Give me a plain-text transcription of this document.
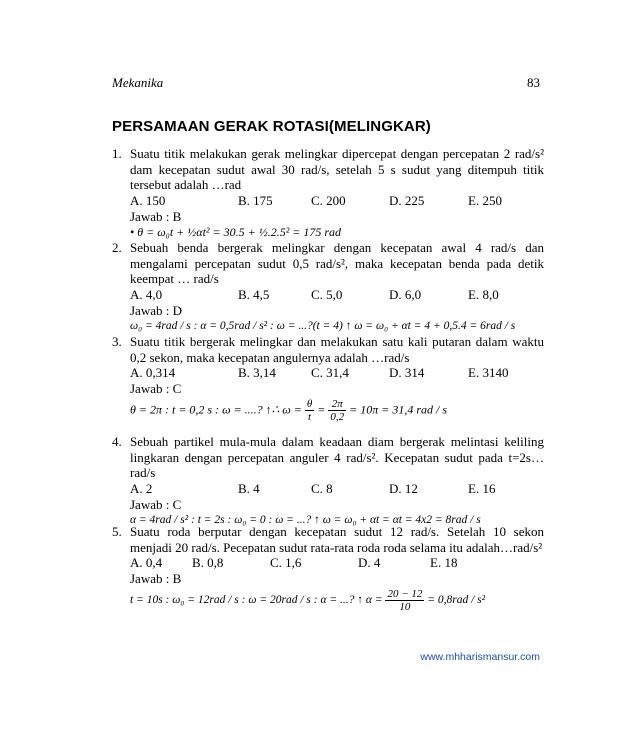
Mekanika	83
PERSAMAAN GERAK ROTASI(MELINGKAR)
1. Suatu titik melakukan gerak melingkar dipercepat dengan percepatan 2 rad/s² dam kecepatan sudut awal 30 rad/s, setelah 5 s sudut yang ditempuh titik tersebut adalah …rad
A. 150	B. 175	C. 200	D. 225	E. 250
Jawab : B
• θ = ω₀t + ½αt² = 30.5 + ½.2.5² = 175 rad
2. Sebuah benda bergerak melingkar dengan kecepatan awal 4 rad/s dan mengalami percepatan sudut 0,5 rad/s², maka kecepatan benda pada detik keempat … rad/s
A. 4,0	B. 4,5	C. 5,0	D. 6,0	E. 8,0
Jawab : D
ω₀ = 4rad / s : α = 0,5rad / s² : ω = ...?(t = 4) ↑ ω = ω₀ + αt = 4 + 0,5.4 = 6rad / s
3. Suatu titik bergerak melingkar dan melakukan satu kali putaran dalam waktu 0,2 sekon, maka kecepatan angulernya adalah …rad/s
A. 0,314	B. 3,14	C. 31,4	D. 314	E. 3140
Jawab : C
θ = 2π : t = 0,2 s : ω = ....? ↑∴ $\omega = \frac{\theta}{t} = \frac{2\pi}{0,2} = 10\pi = 31,4$ rad / s
4. Sebuah partikel mula-mula dalam keadaan diam bergerak melintasi keliling lingkaran dengan percepatan anguler 4 rad/s². Kecepatan sudut pada t=2s…rad/s
A. 2	B. 4	C. 8	D. 12	E. 16
Jawab : C
α = 4rad / s² : t = 2s : ω₀ = 0 : ω = ...? ↑ ω = ω₀ + αt = αt = 4x2 = 8rad / s
5. Suatu roda berputar dengan kecepatan sudut 12 rad/s. Setelah 10 sekon menjadi 20 rad/s. Pecepatan sudut rata-rata roda roda selama itu adalah…rad/s²
A. 0,4 B. 0,8	C. 1,6	D. 4	E. 18
Jawab : B
t = 10s : ω₀ = 12rad / s : ω = 20rad / s : α = ...? ↑ $\alpha = \frac{20 - 12}{10} = 0,8rad / s^2$
www.mhharismansur.com
